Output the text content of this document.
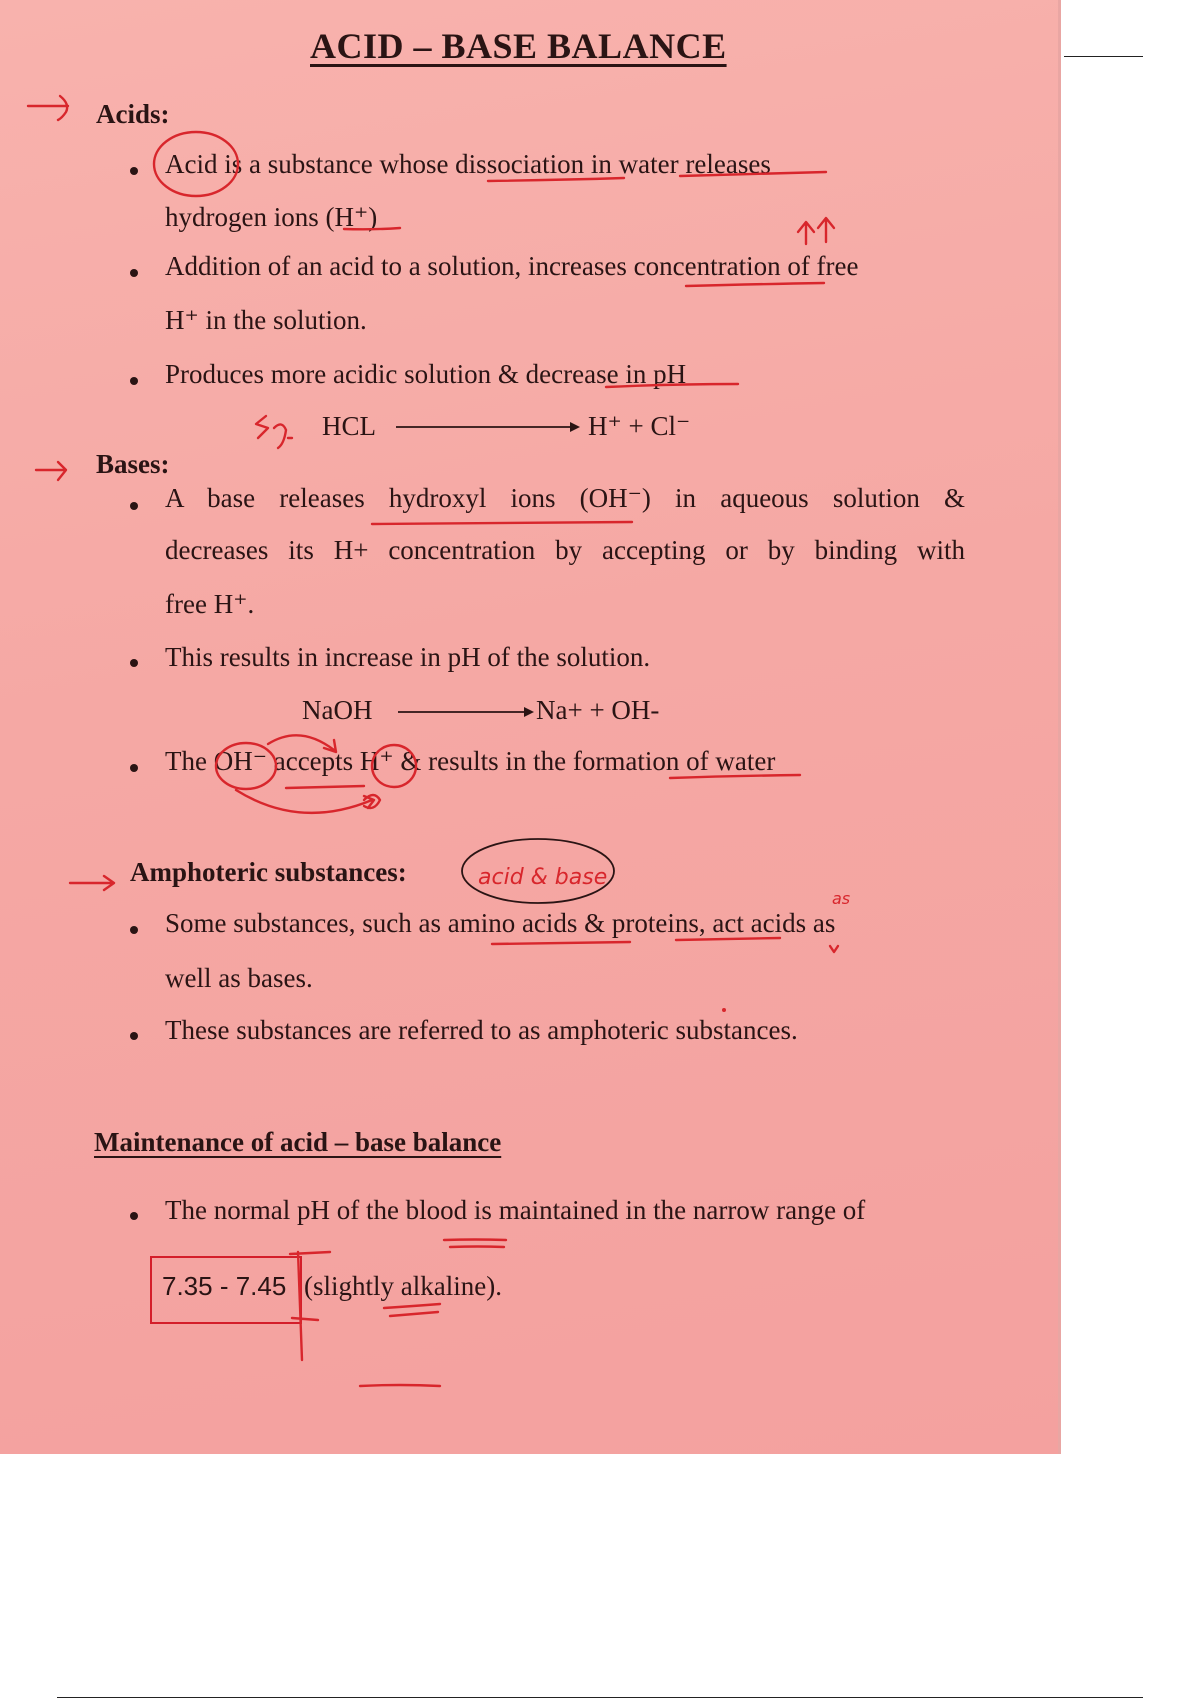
ACID – BASE BALANCE
Acids:
Acid is a substance whose dissociation in water releases
hydrogen ions (H⁺)
Addition of an acid to a solution, increases concentration of free
H⁺ in the solution.
Produces more acidic solution & decrease in pH
HCL	H⁺ + Cl⁻
Bases:
A base releases hydroxyl ions (OH⁻) in aqueous solution &
decreases its H+ concentration by accepting or by binding with
free H⁺.
This results in increase in pH of the solution.
NaOH	Na+ + OH-
The OH⁻ accepts H⁺ & results in the formation of water
Amphoteric substances:
Some substances, such as amino acids & proteins, act acids as
well as bases.
These substances are referred to as amphoteric substances.
Maintenance of acid – base balance
The normal pH of the blood is maintained in the narrow range of
7.35 - 7.45 (slightly alkaline).
acid & base
as
